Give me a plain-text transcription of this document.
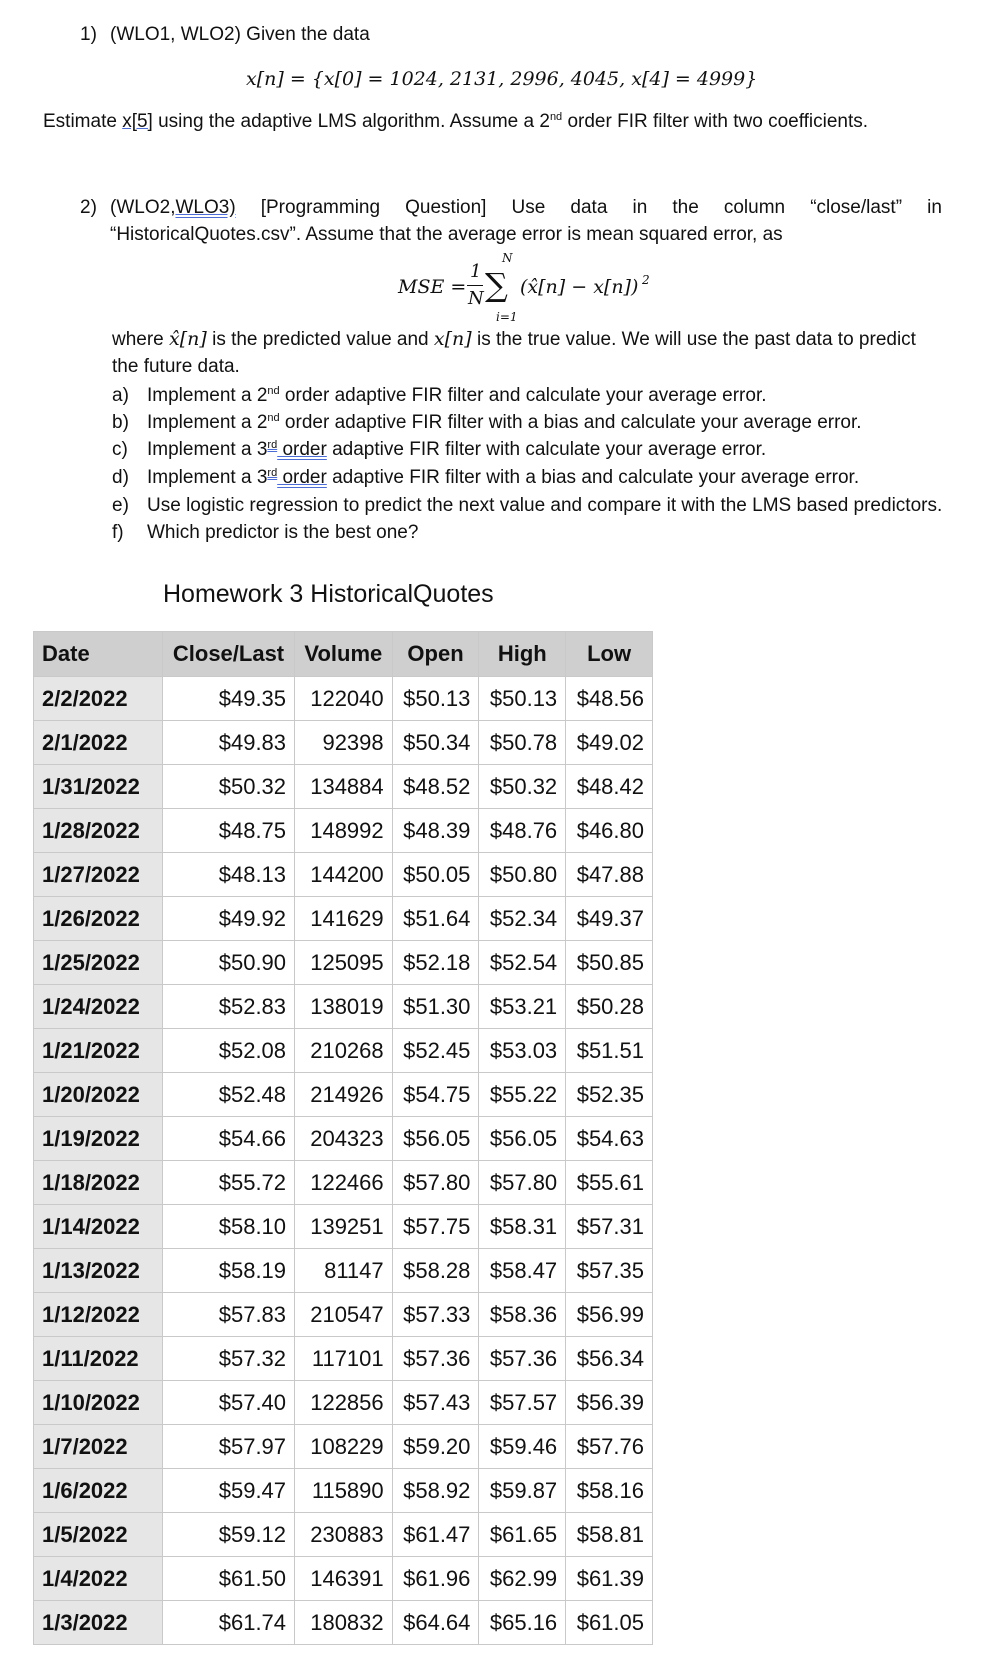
1) (WLO1, WLO2) Given the data
x[n] = {x[0] = 1024, 2131, 2996, 4045, x[4] = 4999}
Estimate x[5] using the adaptive LMS algorithm. Assume a 2nd order FIR filter with two coefficients.
2) (WLO2,WLO3) [Programming Question] Use data in the column “close/last” in
“HistoricalQuotes.csv”. Assume that the average error is mean squared error, as
MSE =
1
N
N
∑
i=1
(x̂[n] − x[n]) 2
where x̂[n] is the predicted value and x[n] is the true value. We will use the past data to predict
the future data.
a) Implement a 2nd order adaptive FIR filter and calculate your average error.
b) Implement a 2nd order adaptive FIR filter with a bias and calculate your average error.
c) Implement a 3rd order adaptive FIR filter with calculate your average error.
d) Implement a 3rd order adaptive FIR filter with a bias and calculate your average error.
e) Use logistic regression to predict the next value and compare it with the LMS based predictors.
f) Which predictor is the best one?
Homework 3 HistoricalQuotes
Date	Close/Last	Volume	Open	High	Low
2/2/2022	$49.35	122040	$50.13	$50.13	$48.56
2/1/2022	$49.83	92398	$50.34	$50.78	$49.02
1/31/2022	$50.32	134884	$48.52	$50.32	$48.42
1/28/2022	$48.75	148992	$48.39	$48.76	$46.80
1/27/2022	$48.13	144200	$50.05	$50.80	$47.88
1/26/2022	$49.92	141629	$51.64	$52.34	$49.37
1/25/2022	$50.90	125095	$52.18	$52.54	$50.85
1/24/2022	$52.83	138019	$51.30	$53.21	$50.28
1/21/2022	$52.08	210268	$52.45	$53.03	$51.51
1/20/2022	$52.48	214926	$54.75	$55.22	$52.35
1/19/2022	$54.66	204323	$56.05	$56.05	$54.63
1/18/2022	$55.72	122466	$57.80	$57.80	$55.61
1/14/2022	$58.10	139251	$57.75	$58.31	$57.31
1/13/2022	$58.19	81147	$58.28	$58.47	$57.35
1/12/2022	$57.83	210547	$57.33	$58.36	$56.99
1/11/2022	$57.32	117101	$57.36	$57.36	$56.34
1/10/2022	$57.40	122856	$57.43	$57.57	$56.39
1/7/2022	$57.97	108229	$59.20	$59.46	$57.76
1/6/2022	$59.47	115890	$58.92	$59.87	$58.16
1/5/2022	$59.12	230883	$61.47	$61.65	$58.81
1/4/2022	$61.50	146391	$61.96	$62.99	$61.39
1/3/2022	$61.74	180832	$64.64	$65.16	$61.05
